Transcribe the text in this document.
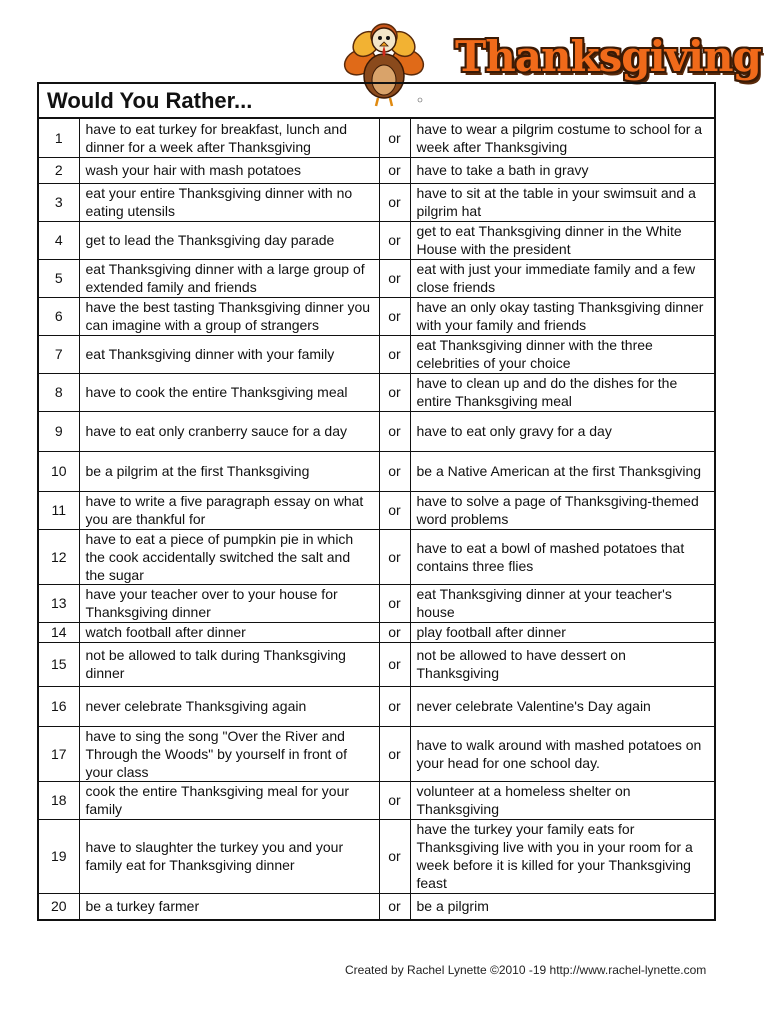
Thanksgiving
Would You Rather...
1	have to eat turkey for breakfast, lunch and dinner for a week after Thanksgiving	or	have to wear a pilgrim costume to school for a week after Thanksgiving
2	wash your hair with mash potatoes	or	have to take a bath in gravy
3	eat your entire Thanksgiving dinner with no eating utensils	or	have to sit at the table in your swimsuit and a pilgrim hat
4	get to lead the Thanksgiving day parade	or	get to eat Thanksgiving dinner in the White House with the president
5	eat Thanksgiving dinner with a large group of extended family and friends	or	eat with just your immediate family and a few close friends
6	have the best tasting Thanksgiving dinner you can imagine with a group of strangers	or	have an only okay tasting Thanksgiving dinner with your family and friends
7	eat Thanksgiving dinner with your family	or	eat Thanksgiving dinner with the three celebrities of your choice
8	have to cook the entire Thanksgiving meal	or	have to clean up and do the dishes for the entire Thanksgiving meal
9	have to eat only cranberry sauce for a day	or	have to eat only gravy for a day
10	be a pilgrim at the first Thanksgiving	or	be a Native American at the first Thanksgiving
11	have to write a five paragraph essay on what you are thankful for	or	have to solve a page of Thanksgiving-themed word problems
12	have to eat a piece of pumpkin pie in which the cook accidentally switched the salt and the sugar	or	have to eat a bowl of mashed potatoes that contains three flies
13	have your teacher over to your house for Thanksgiving dinner	or	eat Thanksgiving dinner at your teacher's house
14	watch football after dinner	or	play football after dinner
15	not be allowed to talk during Thanksgiving dinner	or	not be allowed to have dessert on Thanksgiving
16	never celebrate Thanksgiving again	or	never celebrate Valentine's Day again
17	have to sing the song "Over the River and Through the Woods" by yourself in front of your class	or	have to walk around with mashed potatoes on your head for one school day.
18	cook the entire Thanksgiving meal for your family	or	volunteer at a homeless shelter on Thanksgiving
19	have to slaughter the turkey you and your family eat for Thanksgiving dinner	or	have the turkey your family eats for Thanksgiving live with you in your room for a week before it is killed for your Thanksgiving feast
20	be a turkey farmer	or	be a pilgrim
Created by Rachel Lynette ©2010 -19 http://www.rachel-lynette.com
